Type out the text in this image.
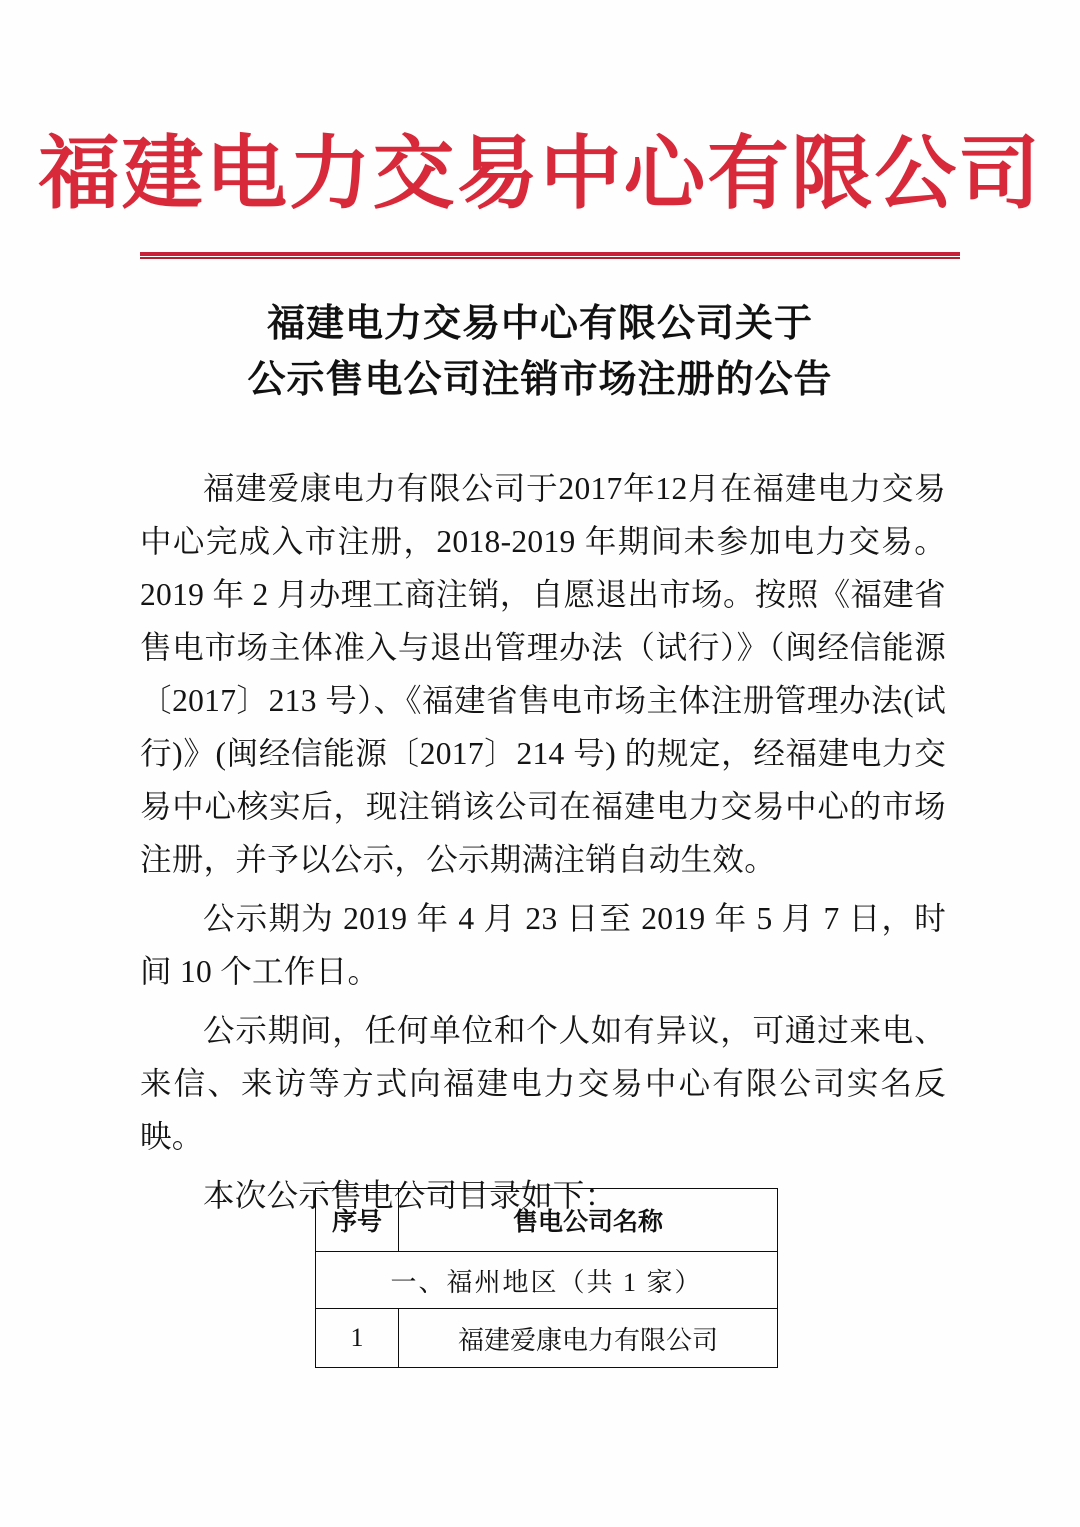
福建电力交易中心有限公司
福建电力交易中心有限公司关于
公示售电公司注销市场注册的公告

福建爱康电力有限公司于2017年12月在福建电力交易中心完成入市注册，2018-2019 年期间未参加电力交易。2019 年 2 月办理工商注销，自愿退出市场。按照《福建省售电市场主体准入与退出管理办法（试行）》（闽经信能源〔2017〕213 号）、《福建省售电市场主体注册管理办法(试行)》(闽经信能源〔2017〕214 号) 的规定，经福建电力交易中心核实后，现注销该公司在福建电力交易中心的市场注册，并予以公示，公示期满注销自动生效。

公示期为 2019 年 4 月 23 日至 2019 年 5 月 7 日，时间 10 个工作日。

公示期间，任何单位和个人如有异议，可通过来电、来信、来访等方式向福建电力交易中心有限公司实名反映。

本次公示售电公司目录如下：

序号	售电公司名称
一、福州地区（共 1 家）	
1	福建爱康电力有限公司
